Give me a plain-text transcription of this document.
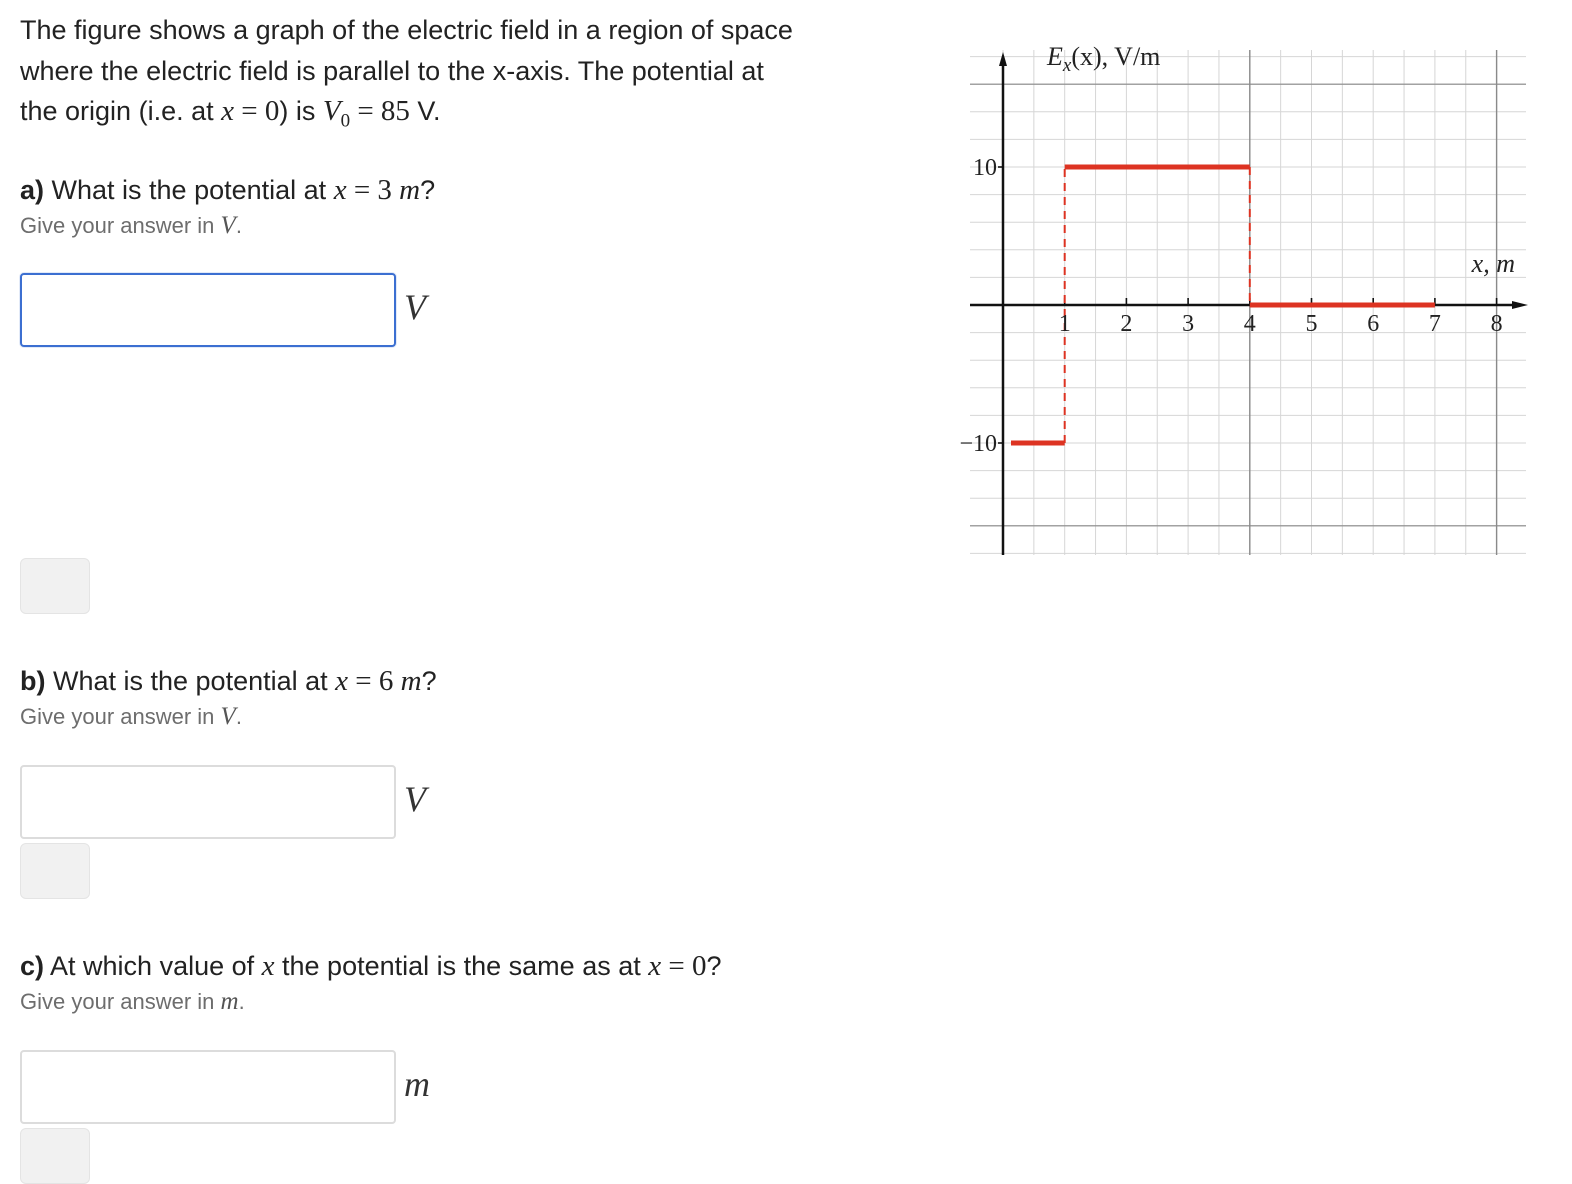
The figure shows a graph of the electric field in a region of space

where the electric field is parallel to the x-axis. The potential at

the origin (i.e. at x = 0) is $V_0 = 85$ V.

a) What is the potential at x = 3 m?
Give your answer in V.
V
b) What is the potential at x = 6 m?
Give your answer in V.
V
c) At which value of x the potential is the same as at x = 0?
Give your answer in m.
m
1 2 3 4 5 6 7 8
10
−10
$E_x(x)$, V/m
x, m
